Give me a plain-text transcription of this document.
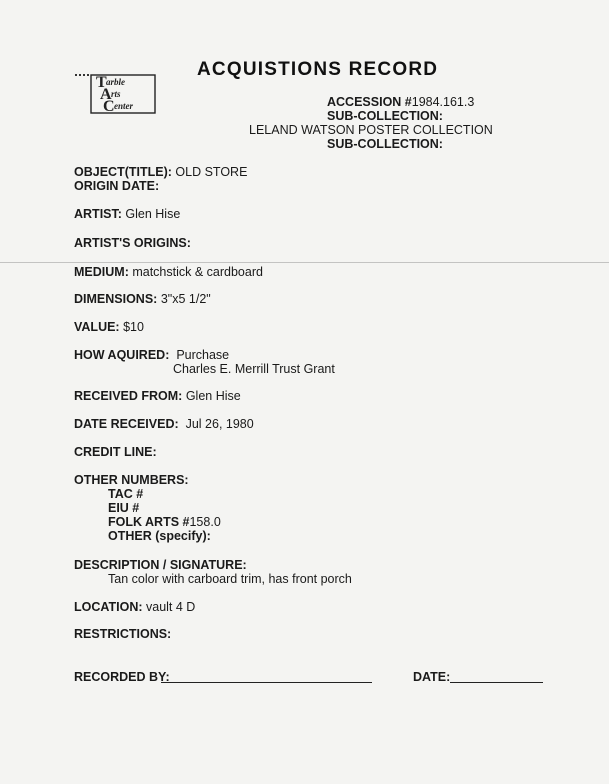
T arble
A rts
C enter
ACQUISTIONS RECORD
ACCESSION #1984.161.3
SUB-COLLECTION:
LELAND WATSON POSTER COLLECTION
SUB-COLLECTION:
OBJECT(TITLE): OLD STORE
ORIGIN DATE:
ARTIST: Glen Hise
ARTIST'S ORIGINS:
MEDIUM: matchstick & cardboard
DIMENSIONS: 3"x5 1/2"
VALUE: $10
HOW AQUIRED: Purchase
Charles E. Merrill Trust Grant
RECEIVED FROM: Glen Hise
DATE RECEIVED: Jul 26, 1980
CREDIT LINE:
OTHER NUMBERS:
TAC #
EIU #
FOLK ARTS #158.0
OTHER (specify):
DESCRIPTION / SIGNATURE:
Tan color with carboard trim, has front porch
LOCATION: vault 4 D
RESTRICTIONS:
RECORDED BY:	DATE:
